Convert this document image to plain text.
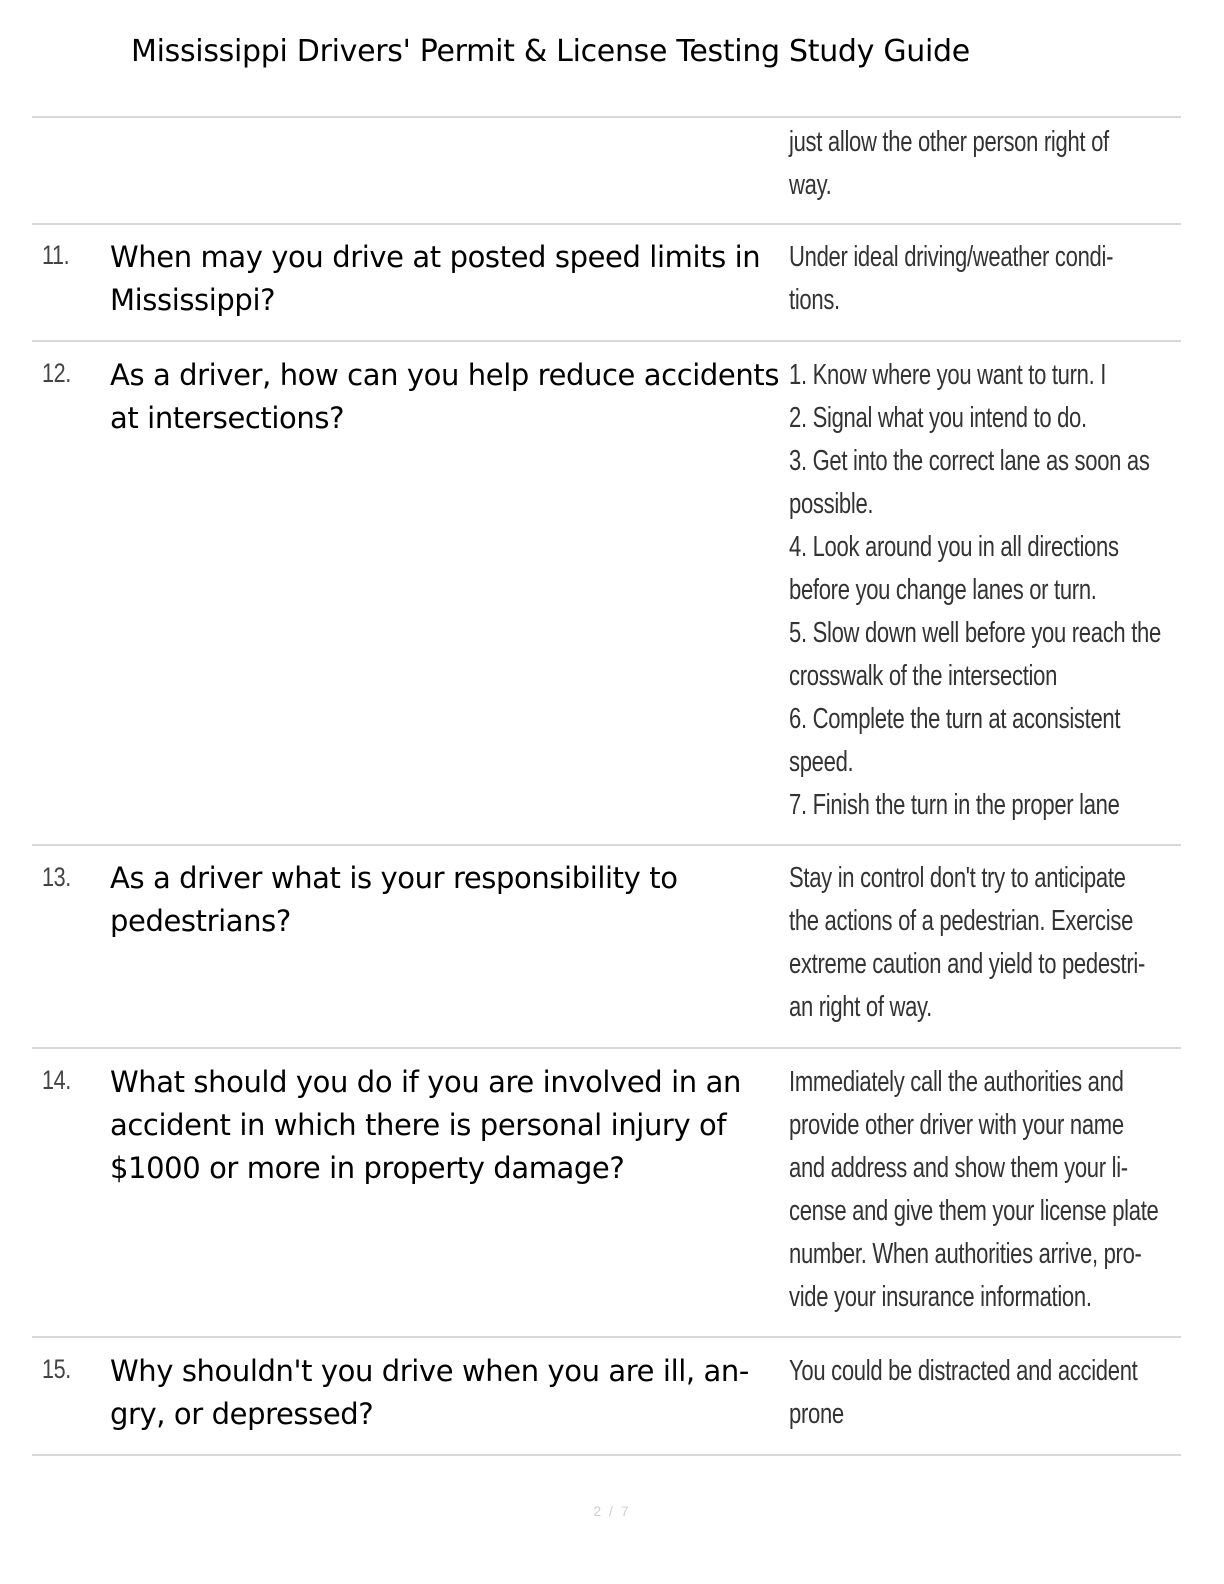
Mississippi Drivers' Permit & License Testing Study Guide
just allow the other person right of
way.
11. When may you drive at posted speed limits in Mississippi?
Under ideal driving/weather condi-
tions.
12. As a driver, how can you help reduce accidents at intersections?
1. Know where you want to turn. I
2. Signal what you intend to do.
3. Get into the correct lane as soon as
possible.
4. Look around you in all directions
before you change lanes or turn.
5. Slow down well before you reach the
crosswalk of the intersection
6. Complete the turn at aconsistent
speed.
7. Finish the turn in the proper lane
13. As a driver what is your responsibility to pedestrians?
Stay in control don't try to anticipate
the actions of a pedestrian. Exercise
extreme caution and yield to pedestri-
an right of way.
14. What should you do if you are involved in an accident in which there is personal injury of $1000 or more in property damage?
Immediately call the authorities and
provide other driver with your name
and address and show them your li-
cense and give them your license plate
number. When authorities arrive, pro-
vide your insurance information.
15. Why shouldn't you drive when you are ill, an-gry, or depressed?
You could be distracted and accident
prone
2 / 7
